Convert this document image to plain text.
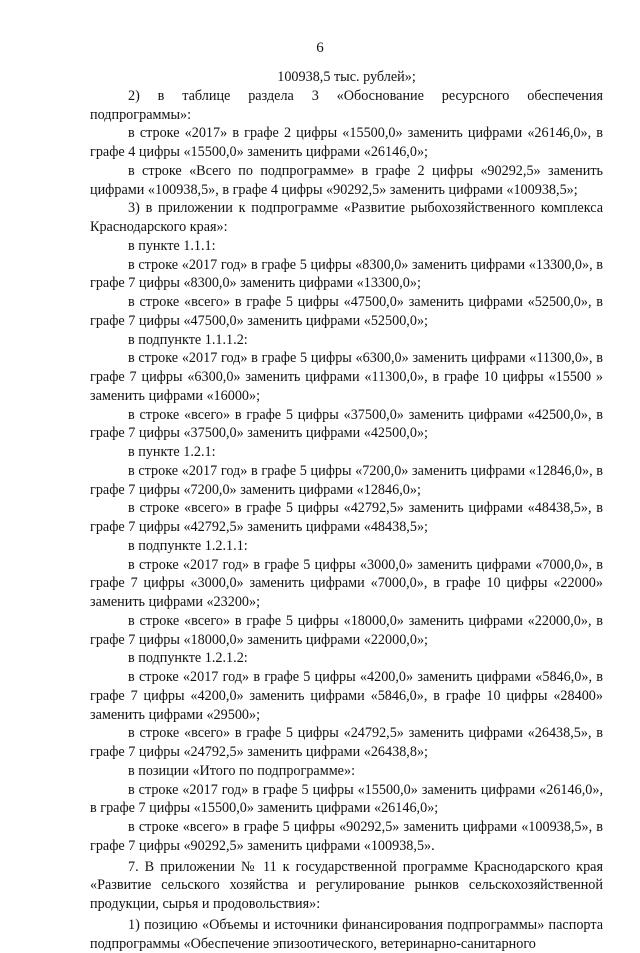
6

100938,5 тыс. рублей»;

2) в таблице раздела 3 «Обоснование ресурсного обеспечения подпрограммы»:

в строке «2017» в графе 2 цифры «15500,0» заменить цифрами «26146,0», в графе 4 цифры «15500,0» заменить цифрами «26146,0»;

в строке «Всего по подпрограмме» в графе 2 цифры «90292,5» заменить цифрами «100938,5», в графе 4 цифры «90292,5» заменить цифрами «100938,5»;

3) в приложении к подпрограмме «Развитие рыбохозяйственного комплекса Краснодарского края»:

в пункте 1.1.1:

в строке «2017 год» в графе 5 цифры «8300,0» заменить цифрами «13300,0», в графе 7 цифры «8300,0» заменить цифрами «13300,0»;

в строке «всего» в графе 5 цифры «47500,0» заменить цифрами «52500,0», в графе 7 цифры «47500,0» заменить цифрами «52500,0»;

в подпункте 1.1.1.2:

в строке «2017 год» в графе 5 цифры «6300,0» заменить цифрами «11300,0», в графе 7 цифры «6300,0» заменить цифрами «11300,0», в графе 10 цифры «15500 » заменить цифрами «16000»;

в строке «всего» в графе 5 цифры «37500,0» заменить цифрами «42500,0», в графе 7 цифры «37500,0» заменить цифрами «42500,0»;

в пункте 1.2.1:

в строке «2017 год» в графе 5 цифры «7200,0» заменить цифрами «12846,0», в графе 7 цифры «7200,0» заменить цифрами «12846,0»;

в строке «всего» в графе 5 цифры «42792,5» заменить цифрами «48438,5», в графе 7 цифры «42792,5» заменить цифрами «48438,5»;

в подпункте 1.2.1.1:

в строке «2017 год» в графе 5 цифры «3000,0» заменить цифрами «7000,0», в графе 7 цифры «3000,0» заменить цифрами «7000,0», в графе 10 цифры «22000» заменить цифрами «23200»;

в строке «всего» в графе 5 цифры «18000,0» заменить цифрами «22000,0», в графе 7 цифры «18000,0» заменить цифрами «22000,0»;

в подпункте 1.2.1.2:

в строке «2017 год» в графе 5 цифры «4200,0» заменить цифрами «5846,0», в графе 7 цифры «4200,0» заменить цифрами «5846,0», в графе 10 цифры «28400» заменить цифрами «29500»;

в строке «всего» в графе 5 цифры «24792,5» заменить цифрами «26438,5», в графе 7 цифры «24792,5» заменить цифрами «26438,8»;

в позиции «Итого по подпрограмме»:

в строке «2017 год» в графе 5 цифры «15500,0» заменить цифрами «26146,0», в графе 7 цифры «15500,0» заменить цифрами «26146,0»;

в строке «всего» в графе 5 цифры «90292,5» заменить цифрами «100938,5», в графе 7 цифры «90292,5» заменить цифрами «100938,5».

7. В приложении № 11 к государственной программе Краснодарского края «Развитие сельского хозяйства и регулирование рынков сельскохозяйственной продукции, сырья и продовольствия»:

1) позицию «Объемы и источники финансирования подпрограммы» паспорта подпрограммы «Обеспечение эпизоотического, ветеринарно-санитарного
